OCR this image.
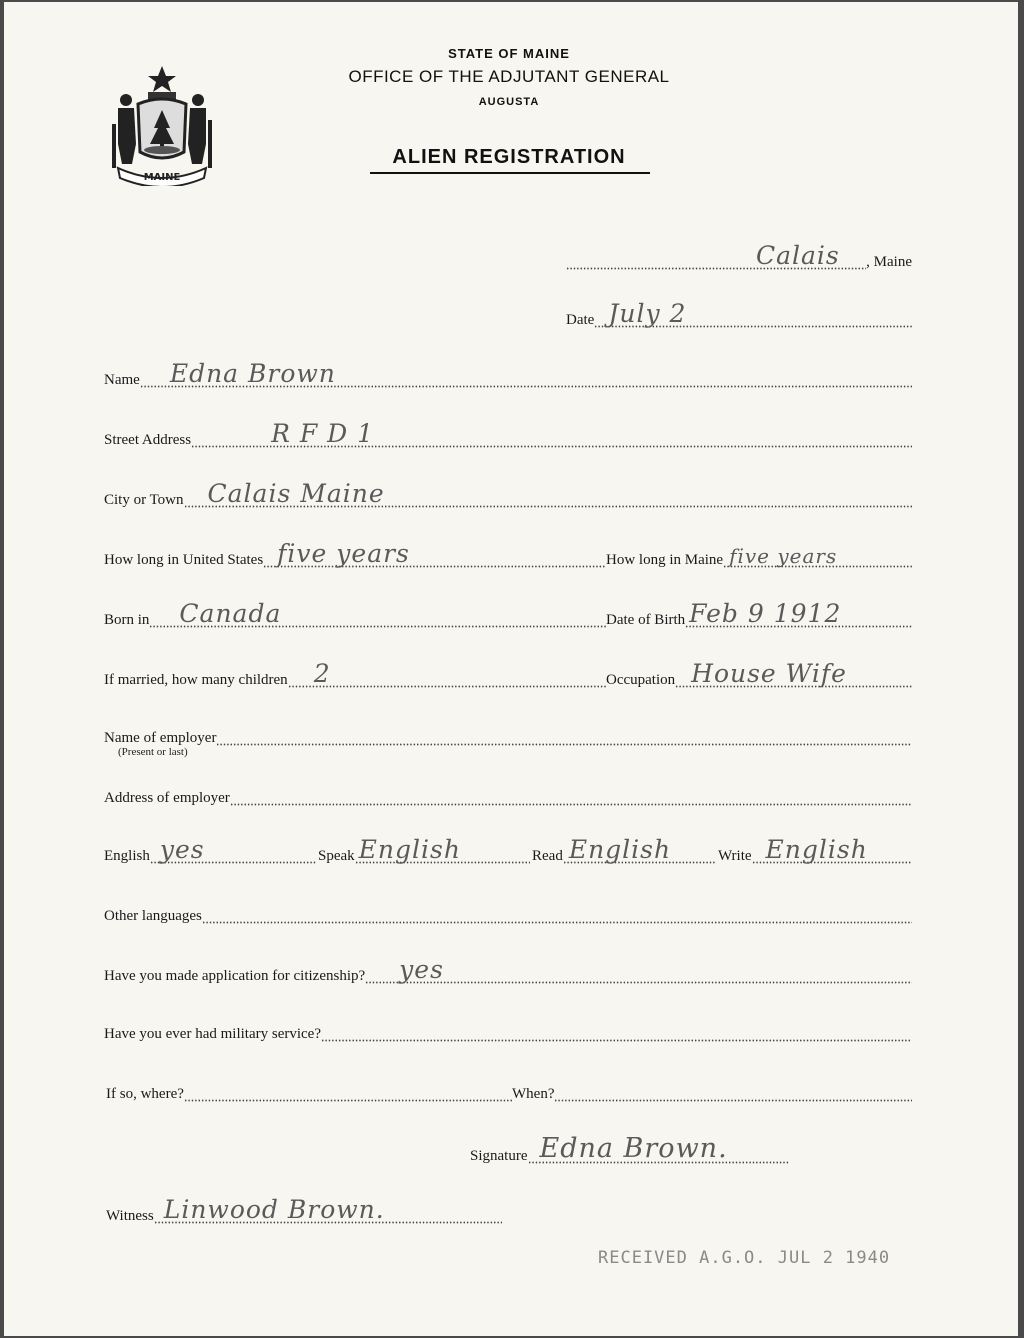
MAINE
STATE OF MAINE
OFFICE OF THE ADJUTANT GENERAL
AUGUSTA
ALIEN REGISTRATION
Calais , Maine
Date July 2
Name Edna Brown
Street Address	R F D 1
City or Town Calais Maine
How long in United States five years	How long in Maine five years
Born in Canada	Date of Birth Feb 9 1912
If married, how many children 2	Occupation House Wife
Name of employer
(Present or last)
Address of employer
English yes	Speak English	Read English	Write English
Other languages
Have you made application for citizenship? yes
Have you ever had military service?
If so, where?	When?
Signature Edna Brown.
Witness Linwood Brown.
RECEIVED A.G.O. JUL 2 1940
